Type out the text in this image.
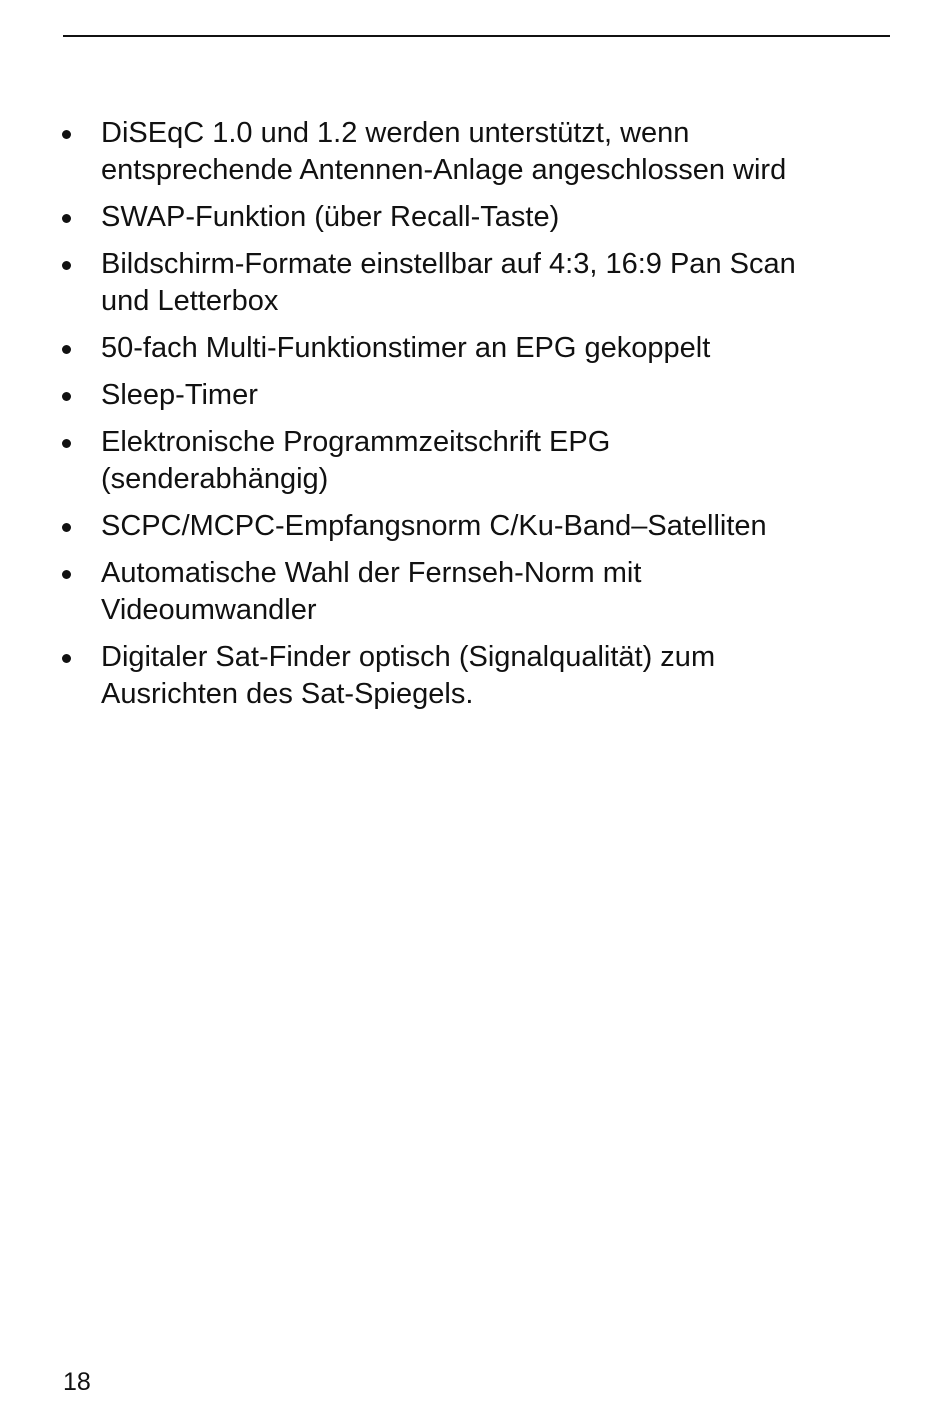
DiSEqC 1.0 und 1.2 werden unterstützt, wenn
entsprechende Antennen-Anlage angeschlossen wird
SWAP-Funktion (über Recall-Taste)
Bildschirm-Formate einstellbar auf 4:3, 16:9 Pan Scan
und Letterbox
50-fach Multi-Funktionstimer an EPG gekoppelt
Sleep-Timer
Elektronische Programmzeitschrift EPG
(senderabhängig)
SCPC/MCPC-Empfangsnorm C/Ku-Band–Satelliten
Automatische Wahl der Fernseh-Norm mit
Videoumwandler
Digitaler Sat-Finder optisch (Signalqualität) zum
Ausrichten des Sat-Spiegels.
18
